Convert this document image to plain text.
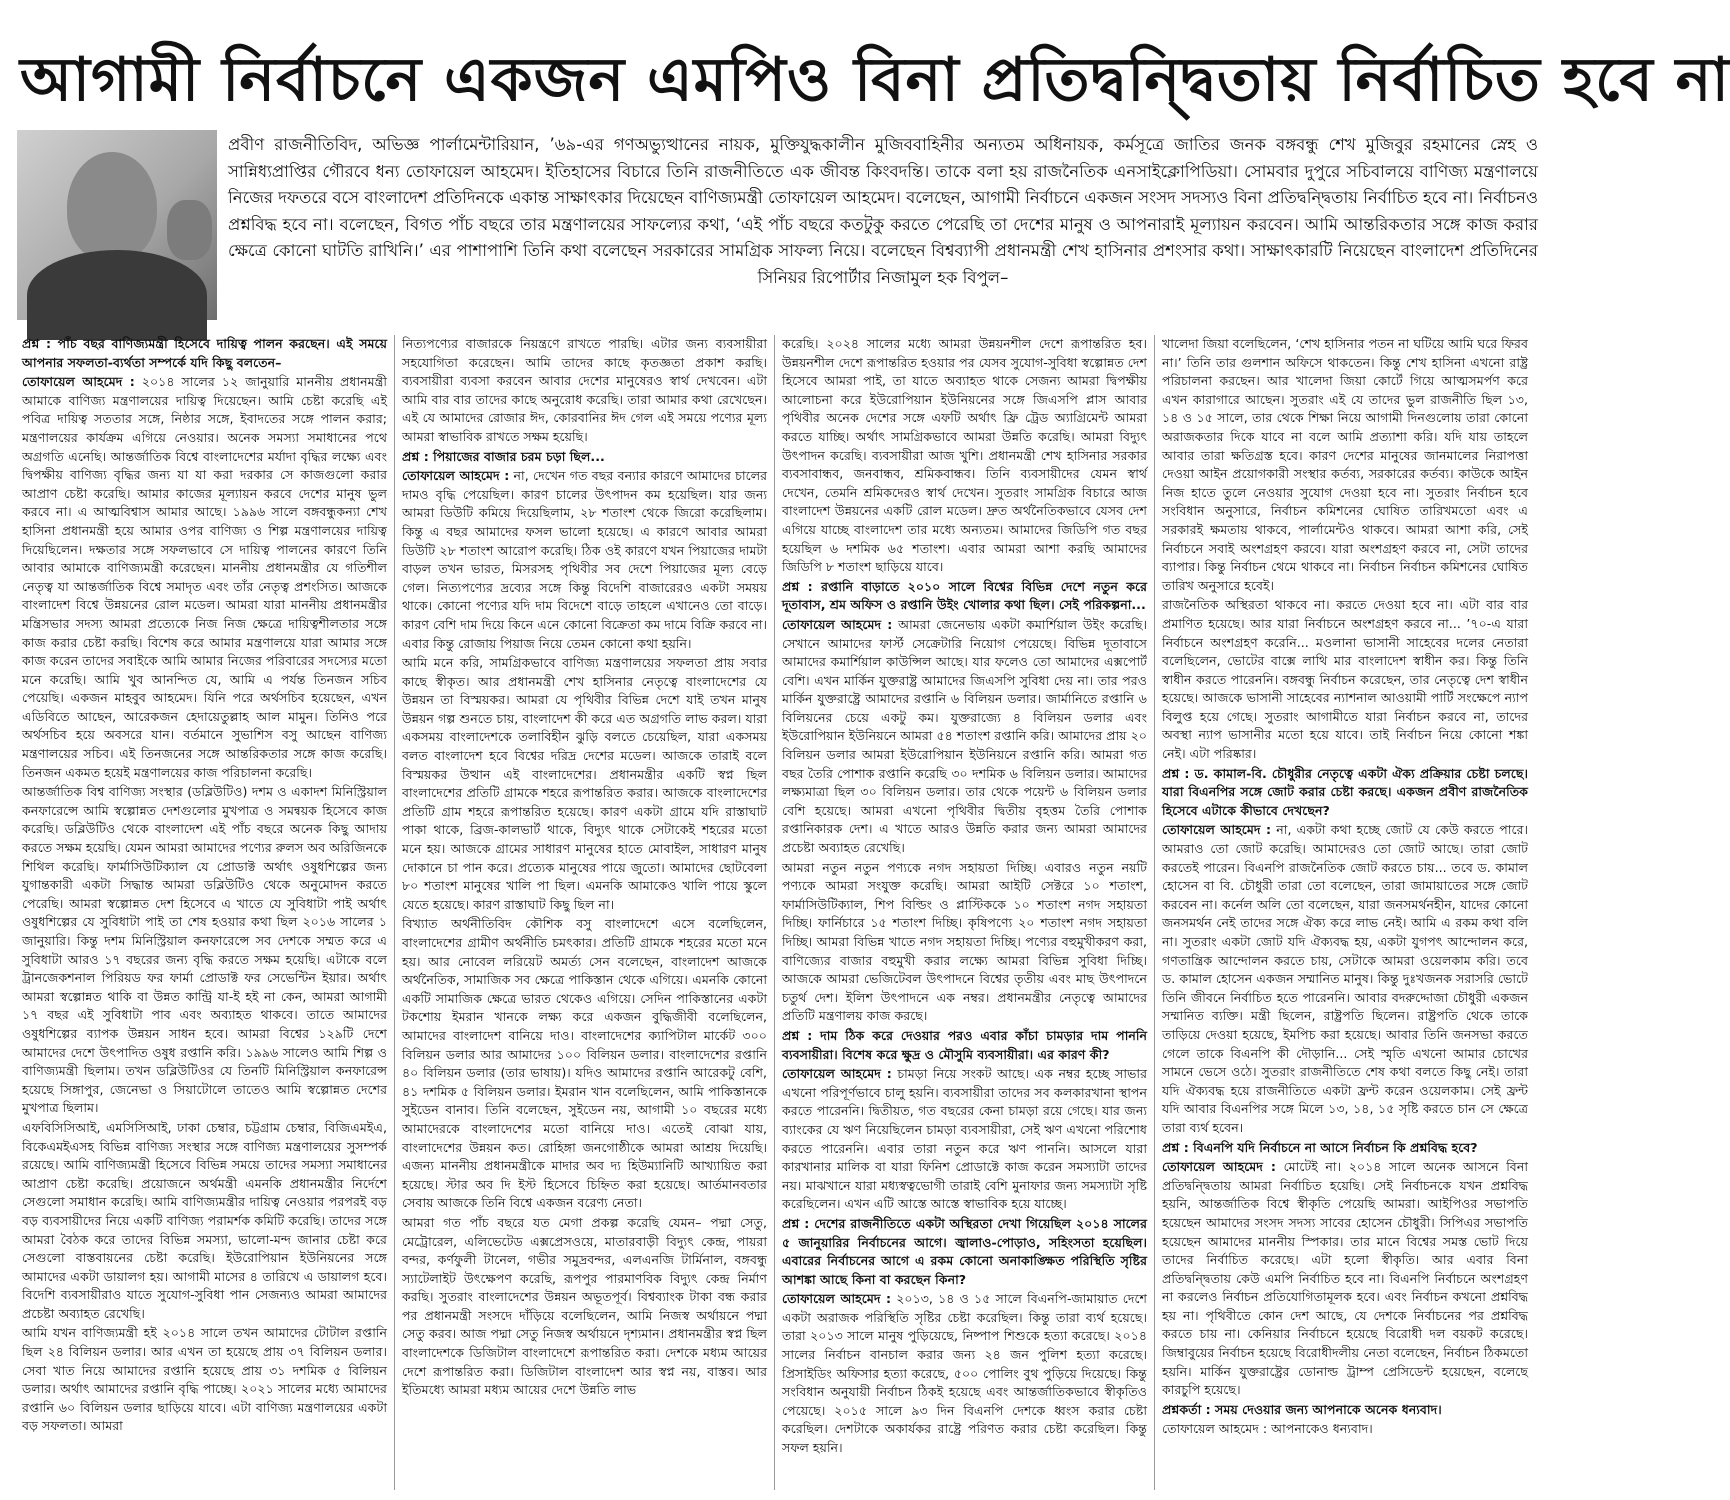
আগামী নির্বাচনে একজন এমপিও বিনা প্রতিদ্বন্দ্বিতায় নির্বাচিত হবে না

প্রবীণ রাজনীতিবিদ, অভিজ্ঞ পার্লামেন্টারিয়ান, ’৬৯-এর গণঅভ্যুত্থানের নায়ক, মুক্তিযুদ্ধকালীন মুজিববাহিনীর অন্যতম অধিনায়ক, কর্মসূত্রে জাতির জনক বঙ্গবন্ধু শেখ মুজিবুর রহমানের স্নেহ ও সান্নিধ্যপ্রাপ্তির গৌরবে ধন্য তোফায়েল আহমেদ। ইতিহাসের বিচারে তিনি রাজনীতিতে এক জীবন্ত কিংবদন্তি। তাকে বলা হয় রাজনৈতিক এনসাইক্লোপিডিয়া। সোমবার দুপুরে সচিবালয়ে বাণিজ্য মন্ত্রণালয়ে নিজের দফতরে বসে বাংলাদেশ প্রতিদিনকে একান্ত সাক্ষাৎকার দিয়েছেন বাণিজ্যমন্ত্রী তোফায়েল আহমেদ। বলেছেন, আগামী নির্বাচনে একজন সংসদ সদস্যও বিনা প্রতিদ্বন্দ্বিতায় নির্বাচিত হবে না। নির্বাচনও প্রশ্নবিদ্ধ হবে না। বলেছেন, বিগত পাঁচ বছরে তার মন্ত্রণালয়ের সাফল্যের কথা, ‘এই পাঁচ বছরে কতটুকু করতে পেরেছি তা দেশের মানুষ ও আপনারাই মূল্যায়ন করবেন। আমি আন্তরিকতার সঙ্গে কাজ করার ক্ষেত্রে কোনো ঘাটতি রাখিনি।’ এর পাশাপাশি তিনি কথা বলেছেন সরকারের সামগ্রিক সাফল্য নিয়ে। বলেছেন বিশ্বব্যাপী প্রধানমন্ত্রী শেখ হাসিনার প্রশংসার কথা। সাক্ষাৎকারটি নিয়েছেন বাংলাদেশ প্রতিদিনের সিনিয়র রিপোর্টার নিজামুল হক বিপুল–

প্রশ্ন : পাঁচ বছর বাণিজ্যমন্ত্রী হিসেবে দায়িত্ব পালন করছেন। এই সময়ে আপনার সফলতা-ব্যর্থতা সম্পর্কে যদি কিছু বলতেন–

তোফায়েল আহমেদ : ২০১৪ সালের ১২ জানুয়ারি মাননীয় প্রধানমন্ত্রী আমাকে বাণিজ্য মন্ত্রণালয়ের দায়িত্ব দিয়েছেন। আমি চেষ্টা করেছি এই পবিত্র দায়িত্ব সততার সঙ্গে, নিষ্ঠার সঙ্গে, ইবাদতের সঙ্গে পালন করার; মন্ত্রণালয়ের কার্যক্রম এগিয়ে নেওয়ার। অনেক সমস্যা সমাধানের পথে অগ্রগতি এনেছি। আন্তর্জাতিক বিশ্বে বাংলাদেশের মর্যাদা বৃদ্ধির লক্ষ্যে এবং দ্বিপক্ষীয় বাণিজ্য বৃদ্ধির জন্য যা যা করা দরকার সে কাজগুলো করার আপ্রাণ চেষ্টা করেছি। আমার কাজের মূল্যায়ন করবে দেশের মানুষ ভুল করবে না। এ আত্মবিশ্বাস আমার আছে। ১৯৯৬ সালে বঙ্গবন্ধুকন্যা শেখ হাসিনা প্রধানমন্ত্রী হয়ে আমার ওপর বাণিজ্য ও শিল্প মন্ত্রণালয়ের দায়িত্ব দিয়েছিলেন। দক্ষতার সঙ্গে সফলভাবে সে দায়িত্ব পালনের কারণে তিনি আবার আমাকে বাণিজ্যমন্ত্রী করেছেন। মাননীয় প্রধানমন্ত্রীর যে গতিশীল নেতৃত্ব যা আন্তর্জাতিক বিশ্বে সমাদৃত এবং তাঁর নেতৃত্ব প্রশংসিত। আজকে বাংলাদেশ বিশ্বে উন্নয়নের রোল মডেল। আমরা যারা মাননীয় প্রধানমন্ত্রীর মন্ত্রিসভার সদস্য আমরা প্রত্যেকে নিজ নিজ ক্ষেত্রে দায়িত্বশীলতার সঙ্গে কাজ করার চেষ্টা করছি। বিশেষ করে আমার মন্ত্রণালয়ে যারা আমার সঙ্গে কাজ করেন তাদের সবাইকে আমি আমার নিজের পরিবারের সদস্যের মতো মনে করেছি। আমি খুব আনন্দিত যে, আমি এ পর্যন্ত তিনজন সচিব পেয়েছি। একজন মাহবুব আহমেদ। যিনি পরে অর্থসচিব হয়েছেন, এখন এডিবিতে আছেন, আরেকজন হেদায়েতুল্লাহ আল মামুন। তিনিও পরে অর্থসচিব হয়ে অবসরে যান। বর্তমানে সুভাশিস বসু আছেন বাণিজ্য মন্ত্রণালয়ের সচিব। এই তিনজনের সঙ্গে আন্তরিকতার সঙ্গে কাজ করেছি। তিনজন একমত হয়েই মন্ত্রণালয়ের কাজ পরিচালনা করেছি।

আন্তর্জাতিক বিশ্ব বাণিজ্য সংস্থার (ডব্লিউটিও) দশম ও একাদশ মিনিস্ট্রিয়াল কনফারেন্সে আমি স্বল্পোন্নত দেশগুলোর মুখপাত্র ও সমন্বয়ক হিসেবে কাজ করেছি। ডব্লিউটিও থেকে বাংলাদেশ এই পাঁচ বছরে অনেক কিছু আদায় করতে সক্ষম হয়েছি। যেমন আমরা আমাদের পণ্যের রুলস অব অরিজিনকে শিথিল করেছি। ফার্মাসিউটিক্যাল যে প্রোডাক্ট অর্থাৎ ওষুধশিল্পের জন্য যুগান্তকারী একটা সিদ্ধান্ত আমরা ডব্লিউটিও থেকে অনুমোদন করতে পেরেছি। আমরা স্বল্পোন্নত দেশ হিসেবে এ খাতে যে সুবিধাটা পাই অর্থাৎ ওষুধশিল্পের যে সুবিধাটা পাই তা শেষ হওয়ার কথা ছিল ২০১৬ সালের ১ জানুয়ারি। কিন্তু দশম মিনিস্ট্রিয়াল কনফারেন্সে সব দেশকে সম্মত করে এ সুবিধাটা আরও ১৭ বছরের জন্য বৃদ্ধি করতে সক্ষম হয়েছি। এটাকে বলে ট্রানজেকশনাল পিরিয়ড ফর ফার্মা প্রোডাক্ট ফর সেভেন্টিন ইয়ার। অর্থাৎ আমরা স্বল্পোন্নত থাকি বা উন্নত কান্ট্রি যা-ই হই না কেন, আমরা আগামী ১৭ বছর এই সুবিধাটা পাব এবং অব্যাহত থাকবে। তাতে আমাদের ওষুধশিল্পের ব্যাপক উন্নয়ন সাধন হবে। আমরা বিশ্বের ১২৯টি দেশে আমাদের দেশে উৎপাদিত ওষুধ রপ্তানি করি। ১৯৯৬ সালেও আমি শিল্প ও বাণিজ্যমন্ত্রী ছিলাম। তখন ডব্লিউটিওর যে তিনটি মিনিস্ট্রিয়াল কনফারেন্স হয়েছে সিঙ্গাপুর, জেনেভা ও সিয়াটোলে তাতেও আমি স্বল্পোন্নত দেশের মুখপাত্র ছিলাম।

এফবিসিসিআই, এমসিসিআই, ঢাকা চেম্বার, চট্টগ্রাম চেম্বার, বিজিএমইএ, বিকেএমইএসহ বিভিন্ন বাণিজ্য সংস্থার সঙ্গে বাণিজ্য মন্ত্রণালয়ের সুসম্পর্ক রয়েছে। আমি বাণিজ্যমন্ত্রী হিসেবে বিভিন্ন সময়ে তাদের সমস্যা সমাধানের আপ্রাণ চেষ্টা করেছি। প্রয়োজনে অর্থমন্ত্রী এমনকি প্রধানমন্ত্রীর নির্দেশে সেগুলো সমাধান করেছি। আমি বাণিজ্যমন্ত্রীর দায়িত্ব নেওয়ার পরপরই বড় বড় ব্যবসায়ীদের নিয়ে একটি বাণিজ্য পরামর্শক কমিটি করেছি। তাদের সঙ্গে আমরা বৈঠক করে তাদের বিভিন্ন সমস্যা, ভালো-মন্দ জানার চেষ্টা করে সেগুলো বাস্তবায়নের চেষ্টা করেছি। ইউরোপিয়ান ইউনিয়নের সঙ্গে আমাদের একটা ডায়ালগ হয়। আগামী মাসের ৪ তারিখে এ ডায়ালগ হবে। বিদেশি ব্যবসায়ীরাও যাতে সুযোগ-সুবিধা পান সেজন্যও আমরা আমাদের প্রচেষ্টা অব্যাহত রেখেছি।

আমি যখন বাণিজ্যমন্ত্রী হই ২০১৪ সালে তখন আমাদের টোটাল রপ্তানি ছিল ২৪ বিলিয়ন ডলার। আর এখন তা হয়েছে প্রায় ৩৭ বিলিয়ন ডলার। সেবা খাত নিয়ে আমাদের রপ্তানি হয়েছে প্রায় ৩১ দশমিক ৫ বিলিয়ন ডলার। অর্থাৎ আমাদের রপ্তানি বৃদ্ধি পাচ্ছে। ২০২১ সালের মধ্যে আমাদের রপ্তানি ৬০ বিলিয়ন ডলার ছাড়িয়ে যাবে। এটা বাণিজ্য মন্ত্রণালয়ের একটা বড় সফলতা। আমরা

নিত্যপণ্যের বাজারকে নিয়ন্ত্রণে রাখতে পারছি। এটার জন্য ব্যবসায়ীরা সহযোগিতা করেছেন। আমি তাদের কাছে কৃতজ্ঞতা প্রকাশ করছি। ব্যবসায়ীরা ব্যবসা করবেন আবার দেশের মানুষেরও স্বার্থ দেখবেন। এটা আমি বার বার তাদের কাছে অনুরোধ করেছি। তারা আমার কথা রেখেছেন। এই যে আমাদের রোজার ঈদ, কোরবানির ঈদ গেল এই সময়ে পণ্যের মূল্য আমরা স্বাভাবিক রাখতে সক্ষম হয়েছি।

প্রশ্ন : পিয়াজের বাজার চরম চড়া ছিল...

তোফায়েল আহমেদ : না, দেখেন গত বছর বন্যার কারণে আমাদের চালের দামও বৃদ্ধি পেয়েছিল। কারণ চালের উৎপাদন কম হয়েছিল। যার জন্য আমরা ডিউটি কমিয়ে দিয়েছিলাম, ২৮ শতাংশ থেকে জিরো করেছিলাম। কিন্তু এ বছর আমাদের ফসল ভালো হয়েছে। এ কারণে আবার আমরা ডিউটি ২৮ শতাংশ আরোপ করেছি। ঠিক ওই কারণে যখন পিয়াজের দামটা বাড়ল তখন ভারত, মিসরসহ পৃথিবীর সব দেশে পিয়াজের মূল্য বেড়ে গেল। নিত্যপণ্যের দ্রব্যের সঙ্গে কিন্তু বিদেশি বাজারেরও একটা সময়য় থাকে। কোনো পণ্যের যদি দাম বিদেশে বাড়ে তাহলে এখানেও তো বাড়ে। কারণ বেশি দাম দিয়ে কিনে এনে কোনো বিক্রেতা কম দামে বিক্রি করবে না। এবার কিন্তু রোজায় পিয়াজ নিয়ে তেমন কোনো কথা হয়নি।

আমি মনে করি, সামগ্রিকভাবে বাণিজ্য মন্ত্রণালয়ের সফলতা প্রায় সবার কাছে স্বীকৃত। আর প্রধানমন্ত্রী শেখ হাসিনার নেতৃত্বে বাংলাদেশের যে উন্নয়ন তা বিস্ময়কর। আমরা যে পৃথিবীর বিভিন্ন দেশে যাই তখন মানুষ উন্নয়ন গল্প শুনতে চায়, বাংলাদেশ কী করে এত অগ্রগতি লাভ করল। যারা একসময় বাংলাদেশকে তলাবিহীন ঝুড়ি বলতে চেয়েছিল, যারা একসময় বলত বাংলাদেশ হবে বিশ্বের দরিদ্র দেশের মডেল। আজকে তারাই বলে বিস্ময়কর উত্থান এই বাংলাদেশের। প্রধানমন্ত্রীর একটি স্বপ্ন ছিল বাংলাদেশের প্রতিটি গ্রামকে শহরে রূপান্তরিত করার। আজকে বাংলাদেশের প্রতিটি গ্রাম শহরে রূপান্তরিত হয়েছে। কারণ একটা গ্রামে যদি রাস্তাঘাট পাকা থাকে, ব্রিজ-কালভার্ট থাকে, বিদ্যুৎ থাকে সেটাকেই শহরের মতো মনে হয়। আজকে গ্রামের সাধারণ মানুষের হাতে মোবাইল, সাধারণ মানুষ দোকানে চা পান করে। প্রত্যেক মানুষের পায়ে জুতো। আমাদের ছোটবেলা ৮০ শতাংশ মানুষের খালি পা ছিল। এমনকি আমাকেও খালি পায়ে স্কুলে যেতে হয়েছে। কারণ রাস্তাঘাট কিছু ছিল না।

বিখ্যাত অর্থনীতিবিদ কৌশিক বসু বাংলাদেশে এসে বলেছিলেন, বাংলাদেশের গ্রামীণ অর্থনীতি চমৎকার। প্রতিটি গ্রামকে শহরের মতো মনে হয়। আর নোবেল লরিয়েট অমর্ত্য সেন বলেছেন, বাংলাদেশ আজকে অর্থনৈতিক, সামাজিক সব ক্ষেত্রে পাকিস্তান থেকে এগিয়ে। এমনকি কোনো একটি সামাজিক ক্ষেত্রে ভারত থেকেও এগিয়ে। সেদিন পাকিস্তানের একটা টকশোয় ইমরান খানকে লক্ষ্য করে একজন বুদ্ধিজীবী বলেছিলেন, আমাদের বাংলাদেশ বানিয়ে দাও। বাংলাদেশের ক্যাপিটাল মার্কেট ৩০০ বিলিয়ন ডলার আর আমাদের ১০০ বিলিয়ন ডলার। বাংলাদেশের রপ্তানি ৪০ বিলিয়ন ডলার (তার ভাষায়)। যদিও আমাদের রপ্তানি আরেকটু বেশি, ৪১ দশমিক ৫ বিলিয়ন ডলার। ইমরান খান বলেছিলেন, আমি পাকিস্তানকে সুইডেন বানাব। তিনি বলেছেন, সুইডেন নয়, আগামী ১০ বছরের মধ্যে আমাদেরকে বাংলাদেশের মতো বানিয়ে দাও। এতেই বোঝা যায়, বাংলাদেশের উন্নয়ন কত। রোহিঙ্গা জনগোষ্ঠীকে আমরা আশ্রয় দিয়েছি। এজন্য মাননীয় প্রধানমন্ত্রীকে মাদার অব দ্য হিউম্যানিটি আখ্যায়িত করা হয়েছে। স্টার অব দি ইস্ট হিসেবে চিহ্নিত করা হয়েছে। আর্তমানবতার সেবায় আজকে তিনি বিশ্বে একজন বরেণ্য নেতা।

আমরা গত পাঁচ বছরে যত মেগা প্রকল্প করেছি যেমন– পদ্মা সেতু, মেট্রোরেল, এলিভেটেড এক্সপ্রেসওয়ে, মাতারবাড়ী বিদ্যুৎ কেন্দ্র, পায়রা বন্দর, কর্ণফুলী টানেল, গভীর সমুদ্রবন্দর, এলএনজি টার্মিনাল, বঙ্গবন্ধু স্যাটেলাইট উৎক্ষেপণ করেছি, রূপপুর পারমাণবিক বিদ্যুৎ কেন্দ্র নির্মাণ করছি। সুতরাং বাংলাদেশের উন্নয়ন অভূতপূর্ব। বিশ্বব্যাংক টাকা বন্ধ করার পর প্রধানমন্ত্রী সংসদে দাঁড়িয়ে বলেছিলেন, আমি নিজস্ব অর্থায়নে পদ্মা সেতু করব। আজ পদ্মা সেতু নিজস্ব অর্থায়নে দৃশ্যমান। প্রধানমন্ত্রীর স্বপ্ন ছিল বাংলাদেশকে ডিজিটাল বাংলাদেশে রূপান্তরিত করা। দেশকে মধ্যম আয়ের দেশে রূপান্তরিত করা। ডিজিটাল বাংলাদেশ আর স্বপ্ন নয়, বাস্তব। আর ইতিমধ্যে আমরা মধ্যম আয়ের দেশে উন্নতি লাভ

করেছি। ২০২৪ সালের মধ্যে আমরা উন্নয়নশীল দেশে রূপান্তরিত হব। উন্নয়নশীল দেশে রূপান্তরিত হওয়ার পর যেসব সুযোগ-সুবিধা স্বল্পোন্নত দেশ হিসেবে আমরা পাই, তা যাতে অব্যাহত থাকে সেজন্য আমরা দ্বিপক্ষীয় আলোচনা করে ইউরোপিয়ান ইউনিয়নের সঙ্গে জিএসপি প্লাস আবার পৃথিবীর অনেক দেশের সঙ্গে এফটি অর্থাৎ ফ্রি ট্রেড অ্যাগ্রিমেন্ট আমরা করতে যাচ্ছি। অর্থাৎ সামগ্রিকভাবে আমরা উন্নতি করেছি। আমরা বিদ্যুৎ উৎপাদন করেছি। ব্যবসায়ীরা আজ খুশি। প্রধানমন্ত্রী শেখ হাসিনার সরকার ব্যবসাবান্ধব, জনবান্ধব, শ্রমিকবান্ধব। তিনি ব্যবসায়ীদের যেমন স্বার্থ দেখেন, তেমনি শ্রমিকদেরও স্বার্থ দেখেন। সুতরাং সামগ্রিক বিচারে আজ বাংলাদেশ উন্নয়নের একটি রোল মডেল। দ্রুত অর্থনৈতিকভাবে যেসব দেশ এগিয়ে যাচ্ছে বাংলাদেশ তার মধ্যে অন্যতম। আমাদের জিডিপি গত বছর হয়েছিল ৬ দশমিক ৬৫ শতাংশ। এবার আমরা আশা করছি আমাদের জিডিপি ৮ শতাংশ ছাড়িয়ে যাবে।

প্রশ্ন : রপ্তানি বাড়াতে ২০১০ সালে বিশ্বের বিভিন্ন দেশে নতুন করে দূতাবাস, শ্রম অফিস ও রপ্তানি উইং খোলার কথা ছিল। সেই পরিকল্পনা...

তোফায়েল আহমেদ : আমরা জেনেভায় একটা কমার্শিয়াল উইং করেছি। সেখানে আমাদের ফার্স্ট সেক্রেটারি নিয়োগ পেয়েছে। বিভিন্ন দূতাবাসে আমাদের কমার্শিয়াল কাউন্সিল আছে। যার ফলেও তো আমাদের এক্সপোর্ট বেশি। এখন মার্কিন যুক্তরাষ্ট্র আমাদের জিএসপি সুবিধা দেয় না। তার পরও মার্কিন যুক্তরাষ্ট্রে আমাদের রপ্তানি ৬ বিলিয়ন ডলার। জার্মানিতে রপ্তানি ৬ বিলিয়নের চেয়ে একটু কম। যুক্তরাজ্যে ৪ বিলিয়ন ডলার এবং ইউরোপিয়ান ইউনিয়নে আমরা ৫৪ শতাংশ রপ্তানি করি। আমাদের প্রায় ২০ বিলিয়ন ডলার আমরা ইউরোপিয়ান ইউনিয়নে রপ্তানি করি। আমরা গত বছর তৈরি পোশাক রপ্তানি করেছি ৩০ দশমিক ৬ বিলিয়ন ডলার। আমাদের লক্ষ্যমাত্রা ছিল ৩০ বিলিয়ন ডলার। তার থেকে পয়েন্ট ৬ বিলিয়ন ডলার বেশি হয়েছে। আমরা এখনো পৃথিবীর দ্বিতীয় বৃহত্তম তৈরি পোশাক রপ্তানিকারক দেশ। এ খাতে আরও উন্নতি করার জন্য আমরা আমাদের প্রচেষ্টা অব্যাহত রেখেছি।

আমরা নতুন নতুন পণ্যকে নগদ সহায়তা দিচ্ছি। এবারও নতুন নয়টি পণ্যকে আমরা সংযুক্ত করেছি। আমরা আইটি সেক্টরে ১০ শতাংশ, ফার্মাসিউটিক্যাল, শিপ বিল্ডিং ও প্লাস্টিককে ১০ শতাংশ নগদ সহায়তা দিচ্ছি। ফার্নিচারে ১৫ শতাংশ দিচ্ছি। কৃষিপণ্যে ২০ শতাংশ নগদ সহায়তা দিচ্ছি। আমরা বিভিন্ন খাতে নগদ সহায়তা দিচ্ছি। পণ্যের বহুমুখীকরণ করা, বাণিজ্যের বাজার বহুমুখী করার লক্ষ্যে আমরা বিভিন্ন সুবিধা দিচ্ছি। আজকে আমরা ভেজিটেবল উৎপাদনে বিশ্বের তৃতীয় এবং মাছ উৎপাদনে চতুর্থ দেশ। ইলিশ উৎপাদনে এক নম্বর। প্রধানমন্ত্রীর নেতৃত্বে আমাদের প্রতিটি মন্ত্রণালয় কাজ করছে।

প্রশ্ন : দাম ঠিক করে দেওয়ার পরও এবার কাঁচা চামড়ার দাম পাননি ব্যবসায়ীরা। বিশেষ করে ক্ষুদ্র ও মৌসুমি ব্যবসায়ীরা। এর কারণ কী?

তোফায়েল আহমেদ : চামড়া নিয়ে সংকট আছে। এক নম্বর হচ্ছে সাভার এখনো পরিপূর্ণভাবে চালু হয়নি। ব্যবসায়ীরা তাদের সব কলকারখানা স্থাপন করতে পারেননি। দ্বিতীয়ত, গত বছরের কেনা চামড়া রয়ে গেছে। যার জন্য ব্যাংকের যে ঋণ নিয়েছিলেন চামড়া ব্যবসায়ীরা, সেই ঋণ এখনো পরিশোধ করতে পারেননি। এবার তারা নতুন করে ঋণ পাননি। আসলে যারা কারখানার মালিক বা যারা ফিনিশ প্রোডাক্টে কাজ করেন সমস্যাটা তাদের নয়। মাঝখানে যারা মধ্যস্বত্বভোগী তারাই বেশি মুনাফার জন্য সমস্যাটা সৃষ্টি করেছিলেন। এখন এটি আস্তে আস্তে স্বাভাবিক হয়ে যাচ্ছে।

প্রশ্ন : দেশের রাজনীতিতে একটা অস্থিরতা দেখা গিয়েছিল ২০১৪ সালের ৫ জানুয়ারির নির্বাচনের আগে। জ্বালাও-পোড়াও, সহিংসতা হয়েছিল। এবারের নির্বাচনের আগে এ রকম কোনো অনাকাঙ্ক্ষিত পরিস্থিতি সৃষ্টির আশঙ্কা আছে কিনা বা করছেন কিনা?

তোফায়েল আহমেদ : ২০১৩, ১৪ ও ১৫ সালে বিএনপি-জামায়াত দেশে একটা অরাজক পরিস্থিতি সৃষ্টির চেষ্টা করেছিল। কিন্তু তারা ব্যর্থ হয়েছে। তারা ২০১৩ সালে মানুষ পুড়িয়েছে, নিষ্পাপ শিশুকে হত্যা করেছে। ২০১৪ সালের নির্বাচন বানচাল করার জন্য ২৪ জন পুলিশ হত্যা করেছে। প্রিসাইডিং অফিসার হত্যা করেছে, ৫০০ পোলিং বুথ পুড়িয়ে দিয়েছে। কিন্তু সংবিধান অনুযায়ী নির্বাচন ঠিকই হয়েছে এবং আন্তর্জাতিকভাবে স্বীকৃতিও পেয়েছে। ২০১৫ সালে ৯৩ দিন বিএনপি দেশকে ধ্বংস করার চেষ্টা করেছিল। দেশটাকে অকার্যকর রাষ্ট্রে পরিণত করার চেষ্টা করেছিল। কিন্তু সফল হয়নি।

খালেদা জিয়া বলেছিলেন, ‘শেখ হাসিনার পতন না ঘটিয়ে আমি ঘরে ফিরব না।’ তিনি তার গুলশান অফিসে থাকতেন। কিন্তু শেখ হাসিনা এখনো রাষ্ট্র পরিচালনা করছেন। আর খালেদা জিয়া কোর্টে গিয়ে আত্মসমর্পণ করে এখন কারাগারে আছেন। সুতরাং এই যে তাদের ভুল রাজনীতি ছিল ১৩, ১৪ ও ১৫ সালে, তার থেকে শিক্ষা নিয়ে আগামী দিনগুলোয় তারা কোনো অরাজকতার দিকে যাবে না বলে আমি প্রত্যাশা করি। যদি যায় তাহলে আবার তারা ক্ষতিগ্রস্ত হবে। কারণ দেশের মানুষের জানমালের নিরাপত্তা দেওয়া আইন প্রয়োগকারী সংস্থার কর্তব্য, সরকারের কর্তব্য। কাউকে আইন নিজ হাতে তুলে নেওয়ার সুযোগ দেওয়া হবে না। সুতরাং নির্বাচন হবে সংবিধান অনুসারে, নির্বাচন কমিশনের ঘোষিত তারিখমতো এবং এ সরকারই ক্ষমতায় থাকবে, পার্লামেন্টও থাকবে। আমরা আশা করি, সেই নির্বাচনে সবাই অংশগ্রহণ করবে। যারা অংশগ্রহণ করবে না, সেটা তাদের ব্যাপার। কিন্তু নির্বাচন থেমে থাকবে না। নির্বাচন নির্বাচন কমিশনের ঘোষিত তারিখ অনুসারে হবেই।

রাজনৈতিক অস্থিরতা থাকবে না। করতে দেওয়া হবে না। এটা বার বার প্রমাণিত হয়েছে। আর যারা নির্বাচনে অংশগ্রহণ করবে না... ’৭০-এ যারা নির্বাচনে অংশগ্রহণ করেনি... মওলানা ভাসানী সাহেবের দলের নেতারা বলেছিলেন, ভোটের বাক্সে লাথি মার বাংলাদেশ স্বাধীন কর। কিন্তু তিনি স্বাধীন করতে পারেননি। বঙ্গবন্ধু নির্বাচন করেছেন, তার নেতৃত্বে দেশ স্বাধীন হয়েছে। আজকে ভাসানী সাহেবের ন্যাশনাল আওয়ামী পার্টি সংক্ষেপে ন্যাপ বিলুপ্ত হয়ে গেছে। সুতরাং আগামীতে যারা নির্বাচন করবে না, তাদের অবস্থা ন্যাপ ভাসানীর মতো হয়ে যাবে। তাই নির্বাচন নিয়ে কোনো শঙ্কা নেই। এটা পরিষ্কার।

প্রশ্ন : ড. কামাল-বি. চৌধুরীর নেতৃত্বে একটা ঐক্য প্রক্রিয়ার চেষ্টা চলছে। যারা বিএনপির সঙ্গে জোট করার চেষ্টা করছে। একজন প্রবীণ রাজনৈতিক হিসেবে এটাকে কীভাবে দেখছেন?

তোফায়েল আহমেদ : না, একটা কথা হচ্ছে জোট যে কেউ করতে পারে। আমরাও তো জোট করেছি। আমাদেরও তো জোট আছে। তারা জোট করতেই পারেন। বিএনপি রাজনৈতিক জোট করতে চায়... তবে ড. কামাল হোসেন বা বি. চৌধুরী তারা তো বলেছেন, তারা জামায়াতের সঙ্গে জোট করবেন না। কর্নেল অলি তো বলেছেন, যারা জনসমর্থনহীন, যাদের কোনো জনসমর্থন নেই তাদের সঙ্গে ঐক্য করে লাভ নেই। আমি এ রকম কথা বলি না। সুতরাং একটা জোট যদি ঐক্যবদ্ধ হয়, একটা যুগপৎ আন্দোলন করে, গণতান্ত্রিক আন্দোলন করতে চায়, সেটাকে আমরা ওয়েলকাম করি। তবে ড. কামাল হোসেন একজন সম্মানিত মানুষ। কিন্তু দুঃখজনক সরাসরি ভোটে তিনি জীবনে নির্বাচিত হতে পারেননি। আবার বদরুদ্দোজা চৌধুরী একজন সম্মানিত ব্যক্তি। মন্ত্রী ছিলেন, রাষ্ট্রপতি ছিলেন। রাষ্ট্রপতি থেকে তাকে তাড়িয়ে দেওয়া হয়েছে, ইমপিচ করা হয়েছে। আবার তিনি জনসভা করতে গেলে তাকে বিএনপি কী দৌড়ানি... সেই স্মৃতি এখনো আমার চোখের সামনে ভেসে ওঠে। সুতরাং রাজনীতিতে শেষ কথা বলতে কিছু নেই। তারা যদি ঐক্যবদ্ধ হয়ে রাজনীতিতে একটা ফ্রন্ট করেন ওয়েলকাম। সেই ফ্রন্ট যদি আবার বিএনপির সঙ্গে মিলে ১৩, ১৪, ১৫ সৃষ্টি করতে চান সে ক্ষেত্রে তারা ব্যর্থ হবেন।

প্রশ্ন : বিএনপি যদি নির্বাচনে না আসে নির্বাচন কি প্রশ্নবিদ্ধ হবে?

তোফায়েল আহমেদ : মোটেই না। ২০১৪ সালে অনেক আসনে বিনা প্রতিদ্বন্দ্বিতায় আমরা নির্বাচিত হয়েছি। সেই নির্বাচনকে যখন প্রশ্নবিদ্ধ হয়নি, আন্তর্জাতিক বিশ্বে স্বীকৃতি পেয়েছি আমরা। আইপিওর সভাপতি হয়েছেন আমাদের সংসদ সদস্য সাবের হোসেন চৌধুরী। সিপিএর সভাপতি হয়েছেন আমাদের মাননীয় স্পিকার। তার মানে বিশ্বের সমস্ত ভোট দিয়ে তাদের নির্বাচিত করেছে। এটা হলো স্বীকৃতি। আর এবার বিনা প্রতিদ্বন্দ্বিতায় কেউ এমপি নির্বাচিত হবে না। বিএনপি নির্বাচনে অংশগ্রহণ না করলেও নির্বাচন প্রতিযোগিতামূলক হবে। এবং নির্বাচন কখনো প্রশ্নবিদ্ধ হয় না। পৃথিবীতে কোন দেশ আছে, যে দেশকে নির্বাচনের পর প্রশ্নবিদ্ধ করতে চায় না। কেনিয়ার নির্বাচনে হয়েছে বিরোধী দল বয়কট করেছে। জিম্বাবুয়ের নির্বাচন হয়েছে বিরোধীদলীয় নেতা বলেছেন, নির্বাচন ঠিকমতো হয়নি। মার্কিন যুক্তরাষ্ট্রের ডোনাল্ড ট্রাম্প প্রেসিডেন্ট হয়েছেন, বলেছে কারচুপি হয়েছে।

প্রশ্নকর্তা : সময় দেওয়ার জন্য আপনাকে অনেক ধন্যবাদ।

তোফায়েল আহমেদ : আপনাকেও ধন্যবাদ।
